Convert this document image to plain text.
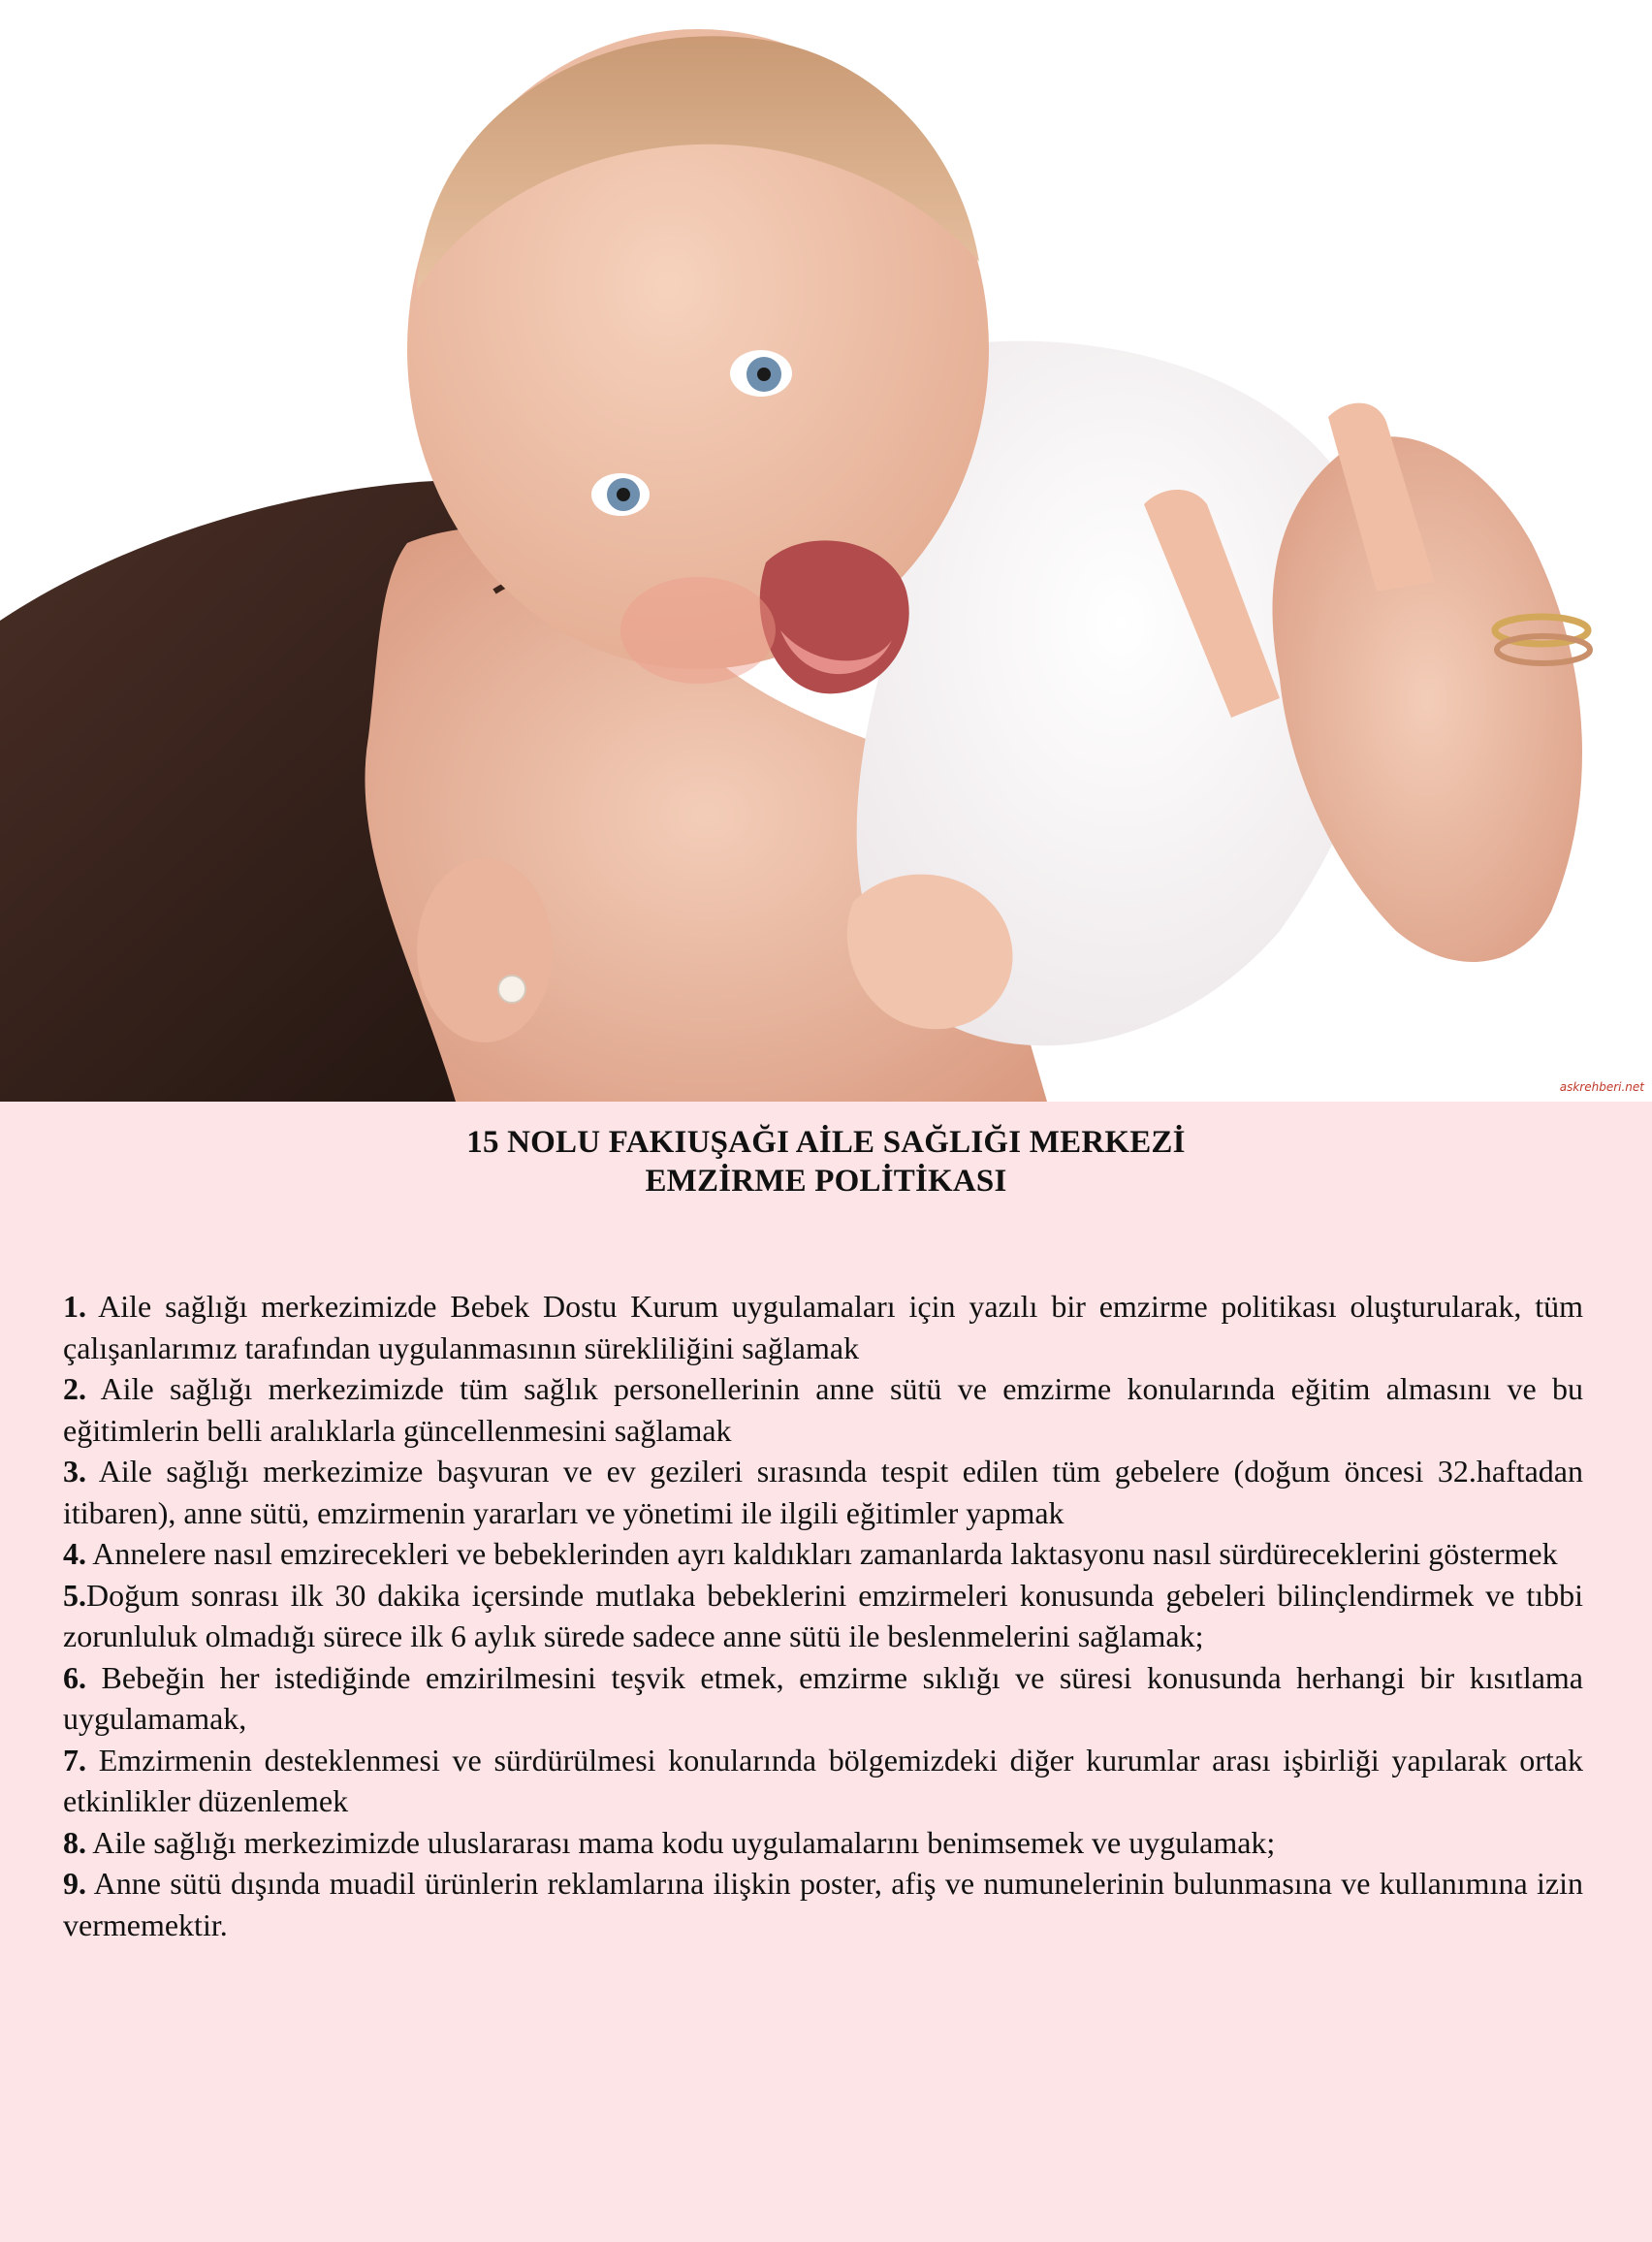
askrehberi.net
15 NOLU FAKIUŞAĞI AİLE SAĞLIĞI MERKEZİ
EMZİRME POLİTİKASI
1. Aile sağlığı merkezimizde Bebek Dostu Kurum uygulamaları için yazılı bir emzirme politikası oluşturularak, tüm çalışanlarımız tarafından uygulanmasının sürekliliğini sağlamak
2. Aile sağlığı merkezimizde tüm sağlık personellerinin anne sütü ve emzirme konularında eğitim almasını ve bu eğitimlerin belli aralıklarla güncellenmesini sağlamak
3. Aile sağlığı merkezimize başvuran ve ev gezileri sırasında tespit edilen tüm gebelere (doğum öncesi 32.haftadan itibaren), anne sütü, emzirmenin yararları ve yönetimi ile ilgili eğitimler yapmak
4. Annelere nasıl emzirecekleri ve bebeklerinden ayrı kaldıkları zamanlarda laktasyonu nasıl sürdüreceklerini göstermek
5.Doğum sonrası ilk 30 dakika içersinde mutlaka bebeklerini emzirmeleri konusunda gebeleri bilinçlendirmek ve tıbbi zorunluluk olmadığı sürece ilk 6 aylık sürede sadece anne sütü ile beslenmelerini sağlamak;
6. Bebeğin her istediğinde emzirilmesini teşvik etmek, emzirme sıklığı ve süresi konusunda herhangi bir kısıtlama uygulamamak,
7. Emzirmenin desteklenmesi ve sürdürülmesi konularında bölgemizdeki diğer kurumlar arası işbirliği yapılarak ortak etkinlikler düzenlemek
8. Aile sağlığı merkezimizde uluslararası mama kodu uygulamalarını benimsemek ve uygulamak;
9. Anne sütü dışında muadil ürünlerin reklamlarına ilişkin poster, afiş ve numunelerinin bulunmasına ve kullanımına izin vermemektir.
